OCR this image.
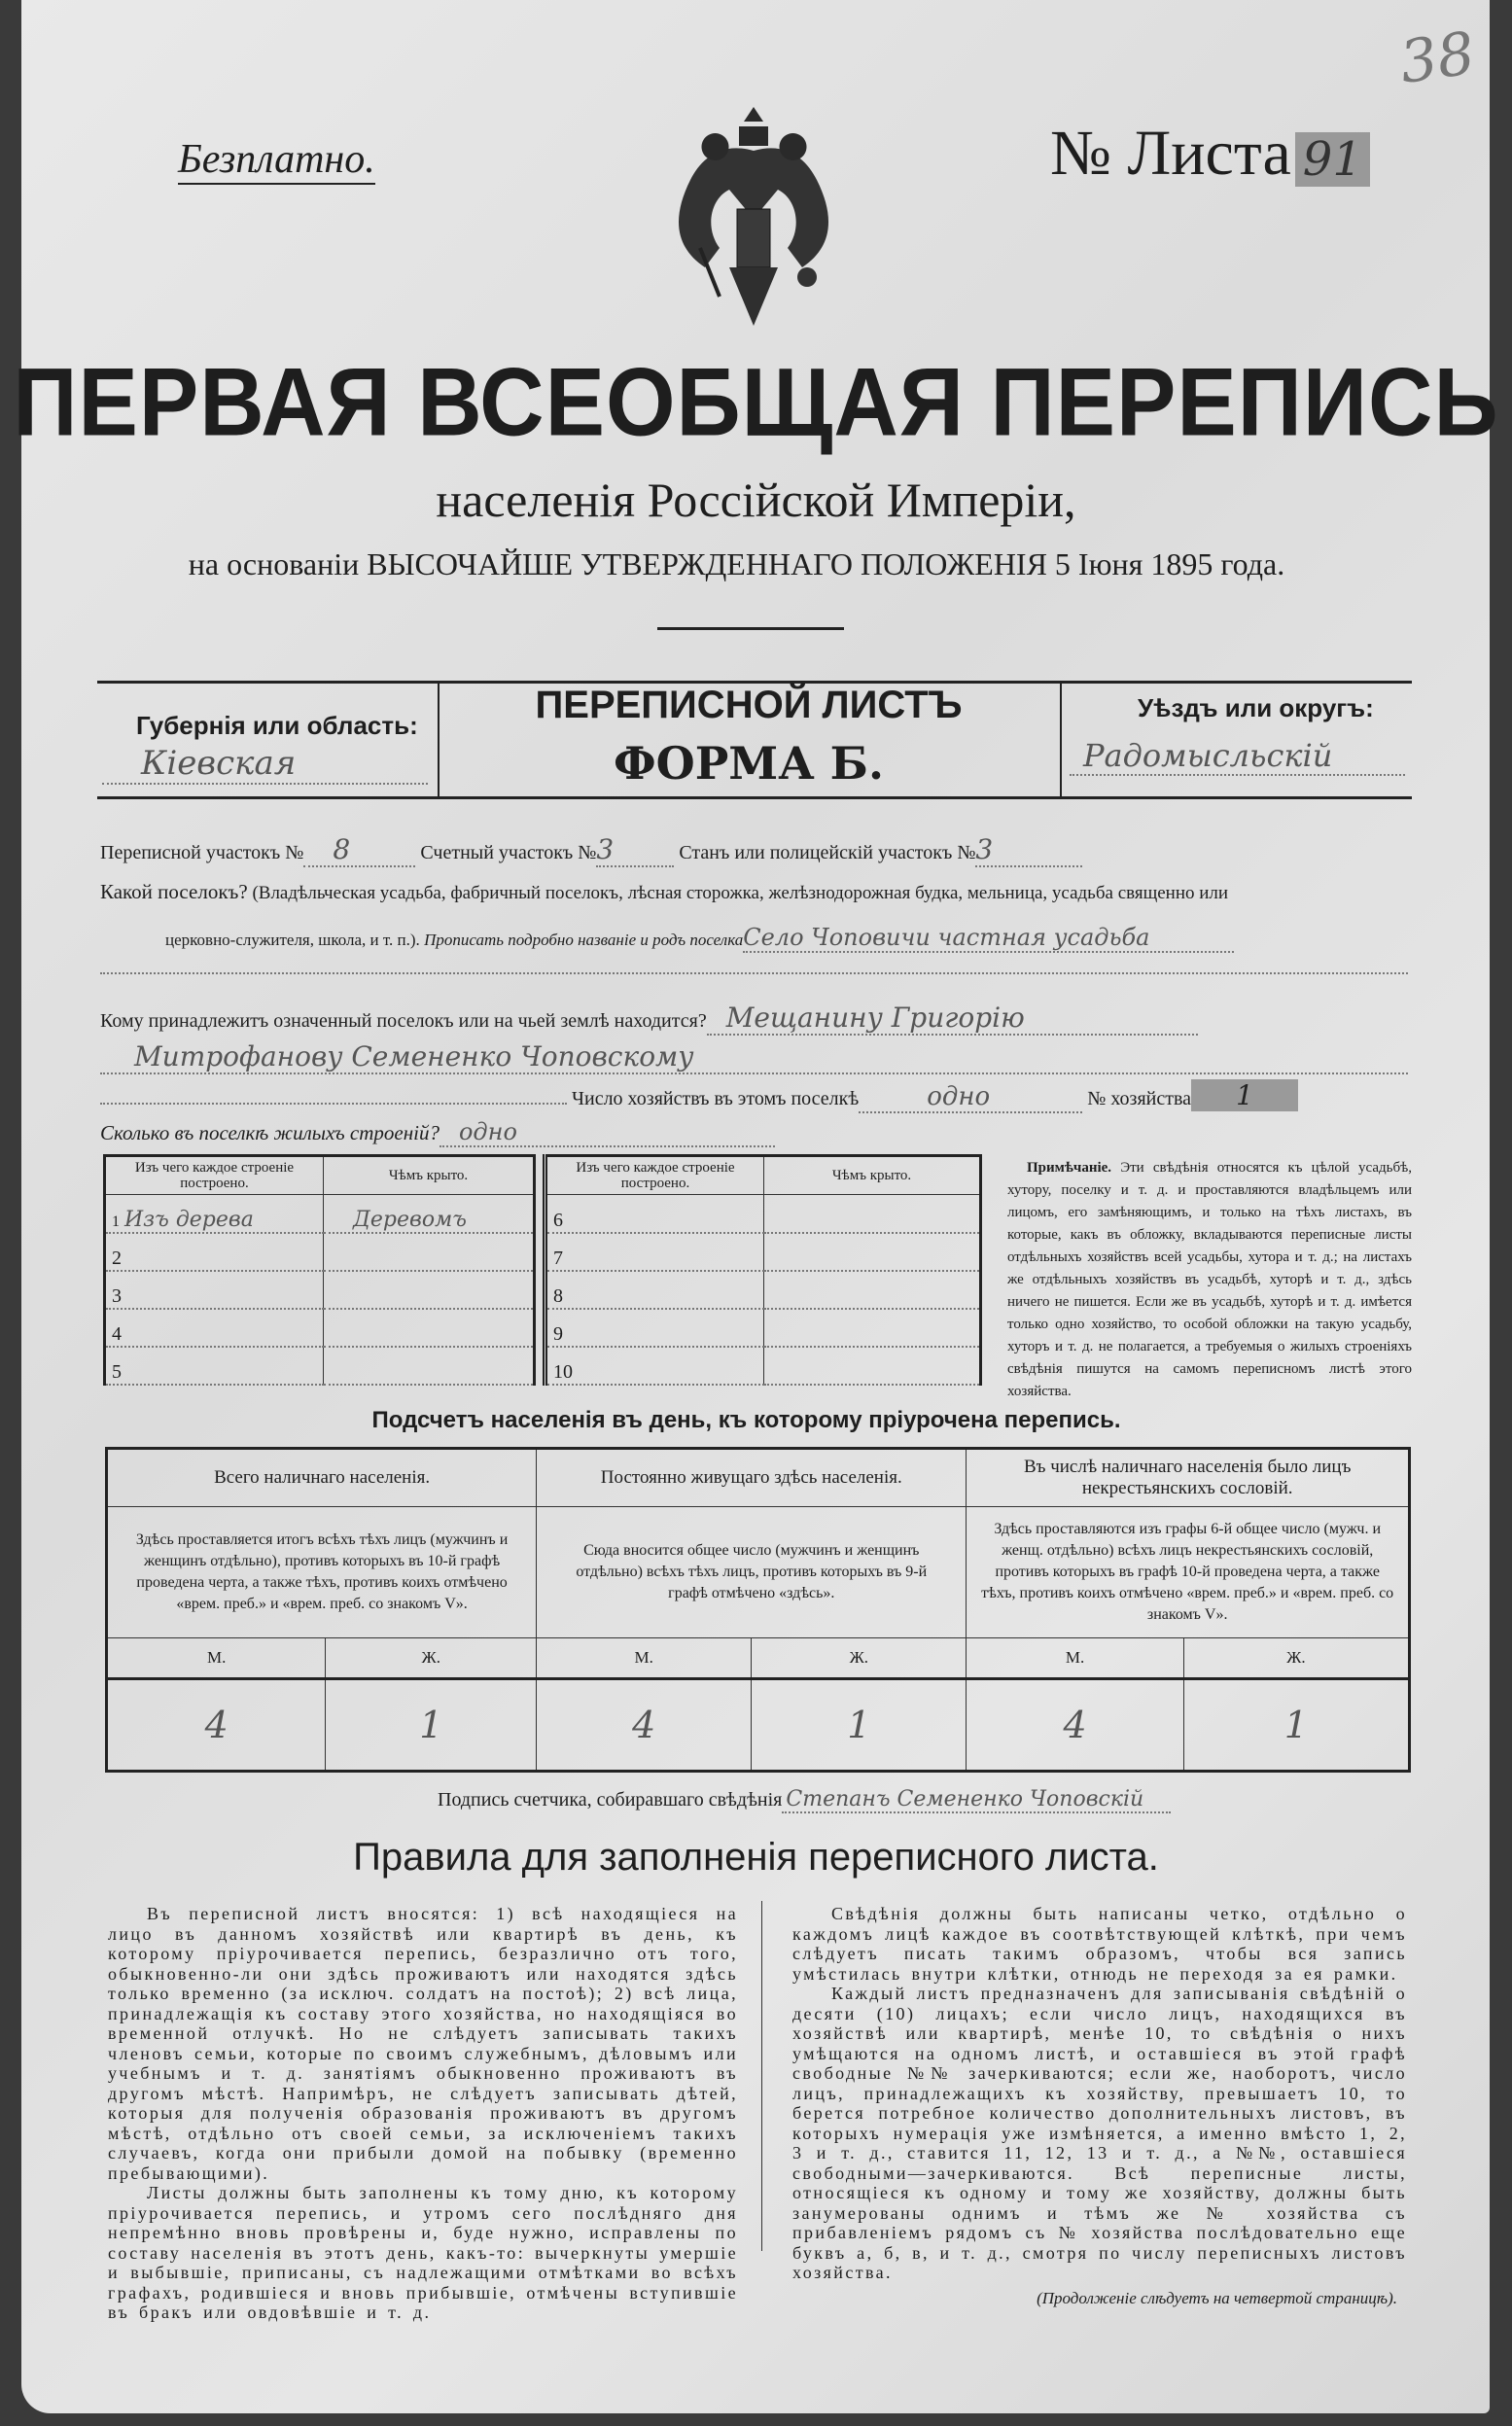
38
Безплатно.	№ Листа 91
ПЕРВАЯ ВСЕОБЩАЯ ПЕРЕПИСЬ
населенія Россійской Имперіи,
на основаніи ВЫСОЧАЙШЕ УТВЕРЖДЕННАГО ПОЛОЖЕНІЯ 5 Іюня 1895 года.
Губернія или область:
Кіевская
ПЕРЕПИСНОЙ ЛИСТЪ
ФОРМА Б.
Уѣздъ или округъ:
Радомысльскій
Переписной участокъ № 8	Счетный участокъ №3	Станъ или полицейскій участокъ №3
Какой поселокъ? (Владѣльческая усадьба, фабричный поселокъ, лѣсная сторожка, желѣзнодорожная будка, мельница, усадьба священно или
церковно-служителя, школа, и т. п.). Прописать подробно названіе и родъ поселкаСело Чоповичи частная усадьба
Кому принадлежитъ означенный поселокъ или на чьей землѣ находится? Мещанину Григорію
Митрофанову Семененко Чоповскому
Число хозяйствъ въ этомъ поселкѣ	одно	№ хозяйства 1
Сколько въ поселкѣ жилыхъ строеній? одно
Изъ чего каждое строеніе построено.	Чѣмъ крыто.
1 Изъ дерева	Деревомъ
2	
3	
4	
5	
Изъ чего каждое строеніе построено.	Чѣмъ крыто.
6	
7	
8	
9	
10	
Примѣчаніе. Эти свѣдѣнія относятся къ цѣлой усадьбѣ, хутору, поселку и т. д. и проставляются владѣльцемъ или лицомъ, его замѣняющимъ, и только на тѣхъ листахъ, въ которые, какъ въ обложку, вкладываются переписные листы отдѣльныхъ хозяйствъ всей усадьбы, хутора и т. д.; на листахъ же отдѣльныхъ хозяйствъ въ усадьбѣ, хуторѣ и т. д., здѣсь ничего не пишется. Если же въ усадьбѣ, хуторѣ и т. д. имѣется только одно хозяйство, то особой обложки на такую усадьбу, хуторъ и т. д. не полагается, а требуемыя о жилыхъ строеніяхъ свѣдѣнія пишутся на самомъ переписномъ листѣ этого хозяйства.
Подсчетъ населенія въ день, къ которому пріурочена перепись.
Всего наличнаго населенія.		Постоянно живущаго здѣсь населенія.		Въ числѣ наличнаго населенія было лицъ некрестьянскихъ сословій.	
Здѣсь проставляется итогъ всѣхъ тѣхъ лицъ (мужчинъ и женщинъ отдѣльно), противъ которыхъ въ 10-й графѣ проведена черта, а также тѣхъ, противъ коихъ отмѣчено «врем. преб.» и «врем. преб. со знакомъ V».		Сюда вносится общее число (мужчинъ и женщинъ отдѣльно) всѣхъ тѣхъ лицъ, противъ которыхъ въ 9-й графѣ отмѣчено «здѣсь».		Здѣсь проставляются изъ графы 6-й общее число (мужч. и женщ. отдѣльно) всѣхъ лицъ некрестьянскихъ сословій, противъ которыхъ въ графѣ 10-й проведена черта, а также тѣхъ, противъ коихъ отмѣчено «врем. преб.» и «врем. преб. со знакомъ V».	
М.	Ж.	М.	Ж.	М.	Ж.
4	1	4	1	4	1
Подпись счетчика, собиравшаго свѣдѣнія Степанъ Семененко Чоповскій
Правила для заполненія переписного листа.

Въ переписной листъ вносятся: 1) всѣ находящіеся на лицо въ данномъ хозяйствѣ или квартирѣ въ день, къ которому пріурочивается перепись, безразлично отъ того, обыкновенно-ли они здѣсь проживаютъ или находятся здѣсь только временно (за исключ. солдатъ на постоѣ); 2) всѣ лица, принадлежащія къ составу этого хозяйства, но находящіяся во временной отлучкѣ. Но не слѣдуетъ записывать такихъ членовъ семьи, которые по своимъ служебнымъ, дѣловымъ или учебнымъ и т. д. занятіямъ обыкновенно проживаютъ въ другомъ мѣстѣ. Напримѣръ, не слѣдуетъ записывать дѣтей, которыя для полученія образованія проживаютъ въ другомъ мѣстѣ, отдѣльно отъ своей семьи, за исключеніемъ такихъ случаевъ, когда они прибыли домой на побывку (временно пребывающими).

Листы должны быть заполнены къ тому дню, къ которому пріурочивается перепись, и утромъ сего послѣдняго дня непремѣнно вновь провѣрены и, буде нужно, исправлены по составу населенія въ этотъ день, какъ-то: вычеркнуты умершіе и выбывшіе, приписаны, съ надлежащими отмѣтками во всѣхъ графахъ, родившіеся и вновь прибывшіе, отмѣчены вступившіе въ бракъ или овдовѣвшіе и т. д.

Свѣдѣнія должны быть написаны четко, отдѣльно о каждомъ лицѣ каждое въ соотвѣтствующей клѣткѣ, при чемъ слѣдуетъ писать такимъ образомъ, чтобы вся запись умѣстилась внутри клѣтки, отнюдь не переходя за ея рамки.

Каждый листъ предназначенъ для записыванія свѣдѣній о десяти (10) лицахъ; если число лицъ, находящихся въ хозяйствѣ или квартирѣ, менѣе 10, то свѣдѣнія о нихъ умѣщаются на одномъ листѣ, и оставшіеся въ этой графѣ свободные №№ зачеркиваются; если же, наоборотъ, число лицъ, принадлежащихъ къ хозяйству, превышаетъ 10, то берется потребное количество дополнительныхъ листовъ, въ которыхъ нумерація уже измѣняется, а именно вмѣсто 1, 2, 3 и т. д., ставится 11, 12, 13 и т. д., а №№, оставшіеся свободными—зачеркиваются. Всѣ переписные листы, относящіеся къ одному и тому же хозяйству, должны быть занумерованы однимъ и тѣмъ же № хозяйства съ прибавленіемъ рядомъ съ № хозяйства послѣдовательно еще буквъ а, б, в, и т. д., смотря по числу переписныхъ листовъ хозяйства.

(Продолженіе слѣдуетъ на четвертой страницѣ).
